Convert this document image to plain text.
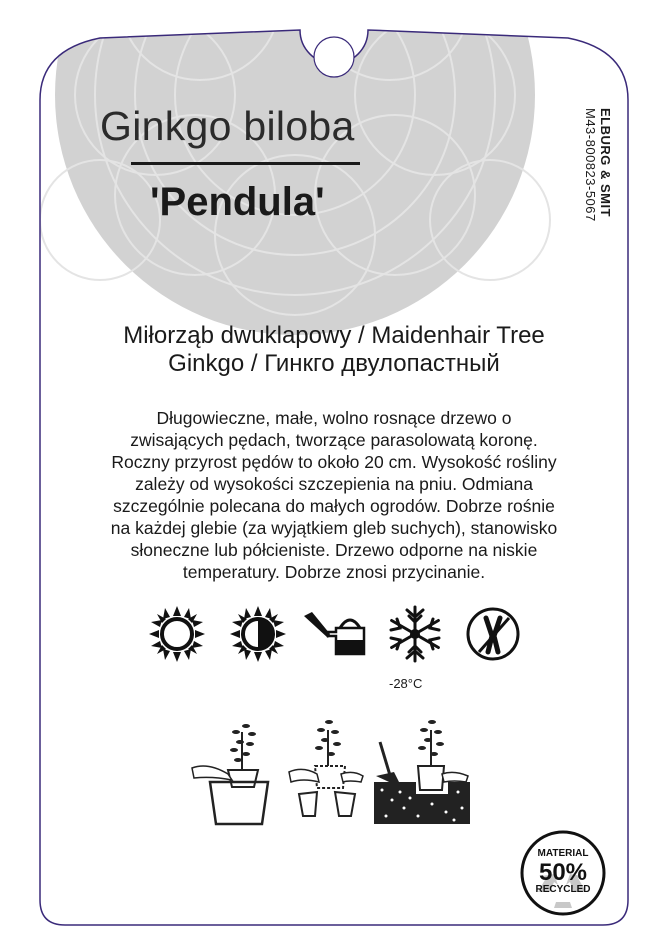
Ginkgo biloba
'Pendula'	ELBURG & SMIT
M43-800823-5067
Miłorząb dwuklapowy / Maidenhair Tree
Ginkgo / Гинкго двулопастный
Długowieczne, małe, wolno rosnące drzewo o
zwisających pędach, tworzące parasolowatą koronę.
Roczny przyrost pędów to około 20 cm. Wysokość rośliny
zależy od wysokości szczepienia na pniu. Odmiana
szczególnie polecana do małych ogrodów. Dobrze rośnie
na każdej glebie (za wyjątkiem gleb suchych), stanowisko
słoneczne lub półcieniste. Drzewo odporne na niskie
temperatury. Dobrze znosi przycinanie.
-28°C
MATERIAL
50%
RECYCLED
